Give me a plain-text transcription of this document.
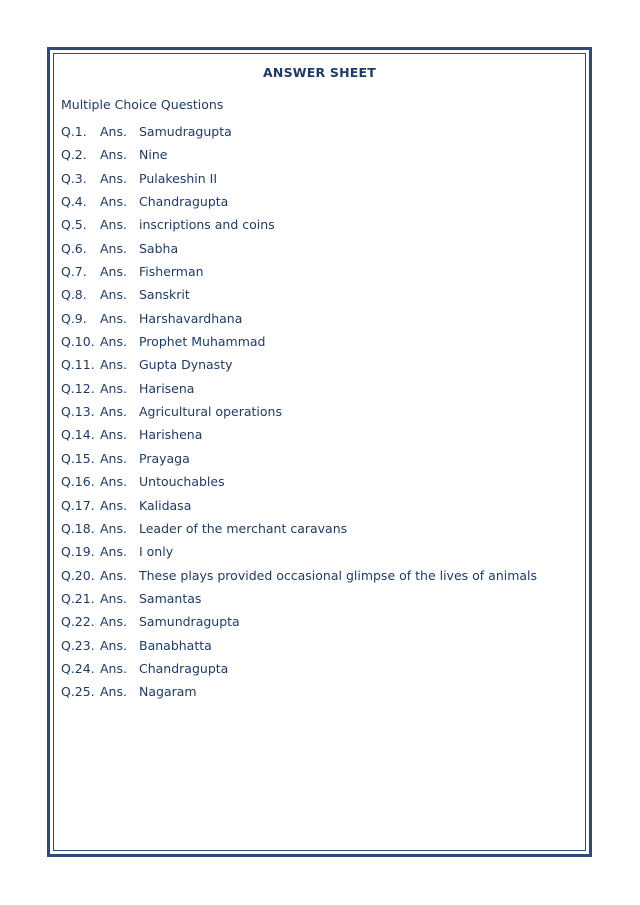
ANSWER SHEET
Multiple Choice Questions
Q.1.	Ans. Samudragupta
Q.2.	Ans. Nine
Q.3.	Ans. Pulakeshin II
Q.4.	Ans. Chandragupta
Q.5.	Ans. inscriptions and coins
Q.6.	Ans. Sabha
Q.7.	Ans. Fisherman
Q.8.	Ans. Sanskrit
Q.9.	Ans. Harshavardhana
Q.10. Ans. Prophet Muhammad
Q.11. Ans. Gupta Dynasty
Q.12. Ans. Harisena
Q.13. Ans. Agricultural operations
Q.14. Ans. Harishena
Q.15. Ans. Prayaga
Q.16. Ans. Untouchables
Q.17. Ans. Kalidasa
Q.18. Ans. Leader of the merchant caravans
Q.19. Ans. I only
Q.20. Ans. These plays provided occasional glimpse of the lives of animals
Q.21. Ans. Samantas
Q.22. Ans. Samundragupta
Q.23. Ans. Banabhatta
Q.24. Ans. Chandragupta
Q.25. Ans. Nagaram
